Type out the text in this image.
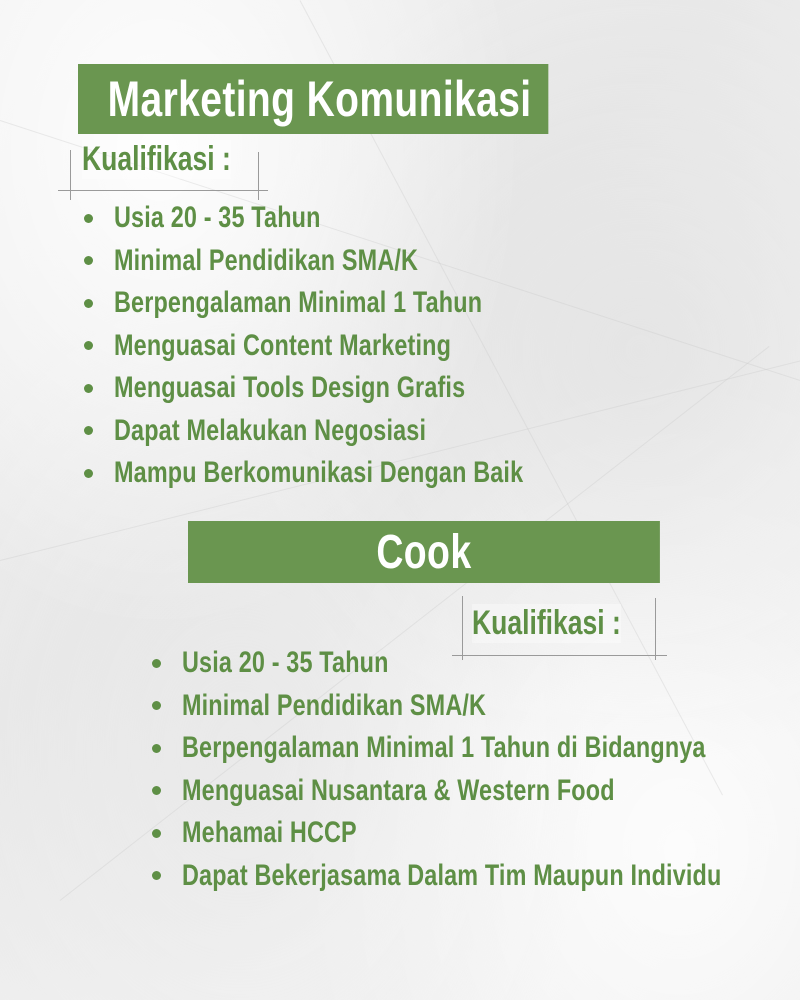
Marketing Komunikasi
Kualifikasi :
Usia 20 - 35 Tahun
Minimal Pendidikan SMA/K
Berpengalaman Minimal 1 Tahun
Menguasai Content Marketing
Menguasai Tools Design Grafis
Dapat Melakukan Negosiasi
Mampu Berkomunikasi Dengan Baik
Cook
Kualifikasi :
Usia 20 - 35 Tahun
Minimal Pendidikan SMA/K
Berpengalaman Minimal 1 Tahun di Bidangnya
Menguasai Nusantara & Western Food
Mehamai HCCP
Dapat Bekerjasama Dalam Tim Maupun Individu
